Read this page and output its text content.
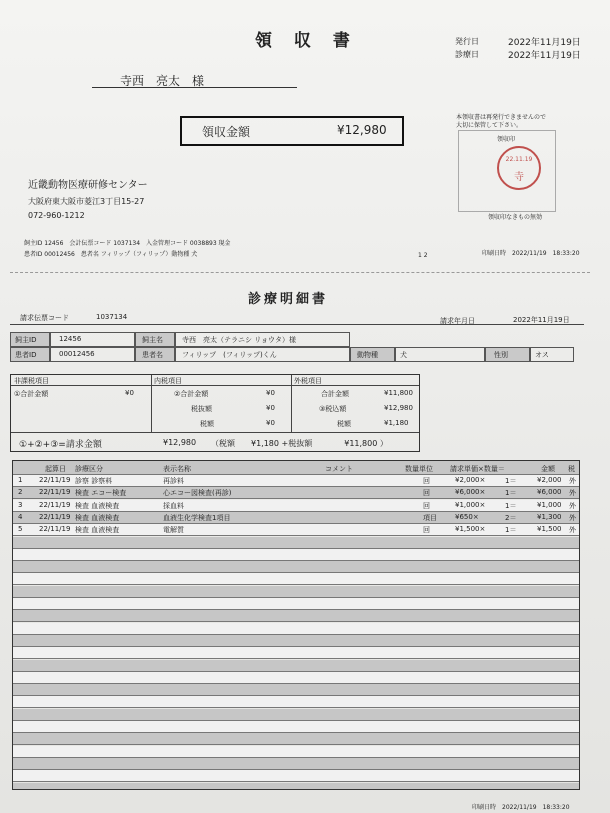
領 収 書	発行日	2022年11月19日
診療日	2022年11月19日
寺西　亮太　様
領収金額	¥12,980
本領収書は再発行できませんので
大切に保管して下さい。
領収印
22.11.19
寺
領収印なきもの無効
近畿動物医療研修センター
大阪府東大阪市菱江3丁目15-27
072-960-1212
飼主ID 12456　会計伝票コード 1037134　入金管理コード 0038893 現金
患者ID 00012456　患者名 フィリップ（フィリップ）動物種 犬	1 2	印刷日時　2022/11/19　18:33:20
診療明細書
請求伝票コード	1037134	請求年月日	2022年11月19日
飼主ID	12456	飼主名	寺西　亮太（テラニシ リョウタ）様
患者ID	00012456	患者名	フィリップ　(フィリップ)くん	動物種	犬	性別	オス
非課税項目
①合計金額	¥0
内税項目
②合計金額	¥0
税抜額	¥0
税額	¥0
外税項目
合計金額	¥11,800
③税込額	¥12,980
税額	¥1,180
①+②+③=請求金額	¥12,980 （税額　　¥1,180 +税抜額　　　　¥11,800 ）
起算日 診療区分	表示名称	コメント	数量単位 請求単価×数量＝	金額 税
1 22/11/19 診察 診察料	再診料	回	¥2,000×	1＝	¥2,000 外
2 22/11/19 検査 エコー検査	心エコー図検査(再診)	回	¥6,000×	1＝	¥6,000 外
3 22/11/19 検査 血液検査	採血料	回	¥1,000×	1＝	¥1,000 外
4 22/11/19 検査 血液検査	血液生化学検査1項目	項目	¥650×	2＝	¥1,300 外
5 22/11/19 検査 血液検査	電解質	回	¥1,500×	1＝	¥1,500 外
印刷日時　2022/11/19　18:33:20
